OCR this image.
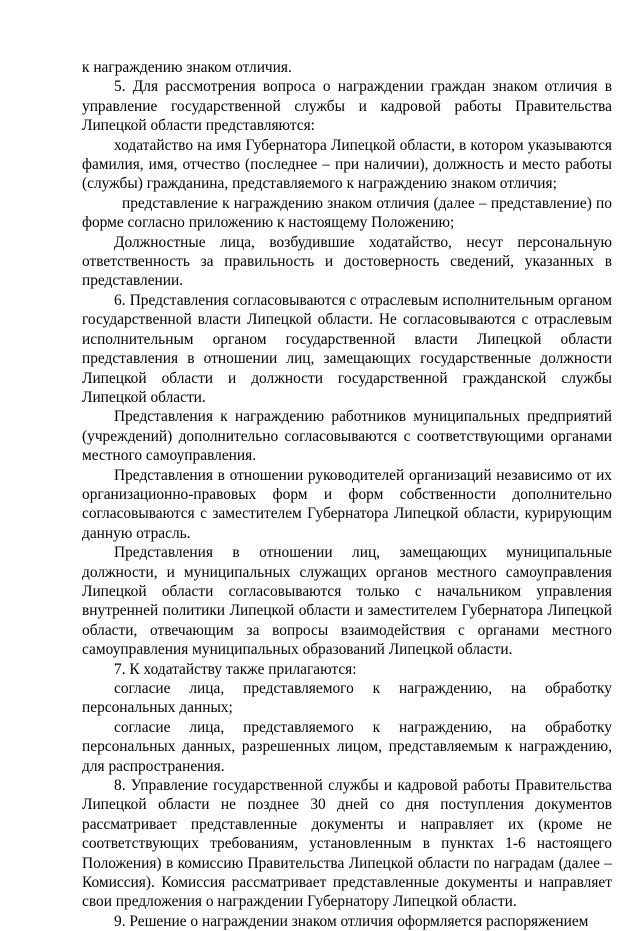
к награждению знаком отличия.

5. Для рассмотрения вопроса о награждении граждан знаком отличия в управление государственной службы и кадровой работы Правительства Липецкой области представляются:

ходатайство на имя Губернатора Липецкой области, в котором указываются фамилия, имя, отчество (последнее – при наличии), должность и место работы (службы) гражданина, представляемого к награждению знаком отличия;

представление к награждению знаком отличия (далее – представление) по форме согласно приложению к настоящему Положению;

Должностные лица, возбудившие ходатайство, несут персональную ответственность за правильность и достоверность сведений, указанных в представлении.

6. Представления согласовываются с отраслевым исполнительным органом государственной власти Липецкой области. Не согласовываются с отраслевым исполнительным органом государственной власти Липецкой области представления в отношении лиц, замещающих государственные должности Липецкой области и должности государственной гражданской службы Липецкой области.

Представления к награждению работников муниципальных предприятий (учреждений) дополнительно согласовываются с соответствующими органами местного самоуправления.

Представления в отношении руководителей организаций независимо от их организационно-правовых форм и форм собственности дополнительно согласовываются с заместителем Губернатора Липецкой области, курирующим данную отрасль.

Представления в отношении лиц, замещающих муниципальные должности, и муниципальных служащих органов местного самоуправления Липецкой области согласовываются только с начальником управления внутренней политики Липецкой области и заместителем Губернатора Липецкой области, отвечающим за вопросы взаимодействия с органами местного самоуправления муниципальных образований Липецкой области.

7. К ходатайству также прилагаются:

согласие лица, представляемого к награждению, на обработку персональных данных;

согласие лица, представляемого к награждению, на обработку персональных данных, разрешенных лицом, представляемым к награждению, для распространения.

8. Управление государственной службы и кадровой работы Правительства Липецкой области не позднее 30 дней со дня поступления документов рассматривает представленные документы и направляет их (кроме не соответствующих требованиям, установленным в пунктах 1-6 настоящего Положения) в комиссию Правительства Липецкой области по наградам (далее – Комиссия). Комиссия рассматривает представленные документы и направляет свои предложения о награждении Губернатору Липецкой области.

9. Решение о награждении знаком отличия оформляется распоряжением
